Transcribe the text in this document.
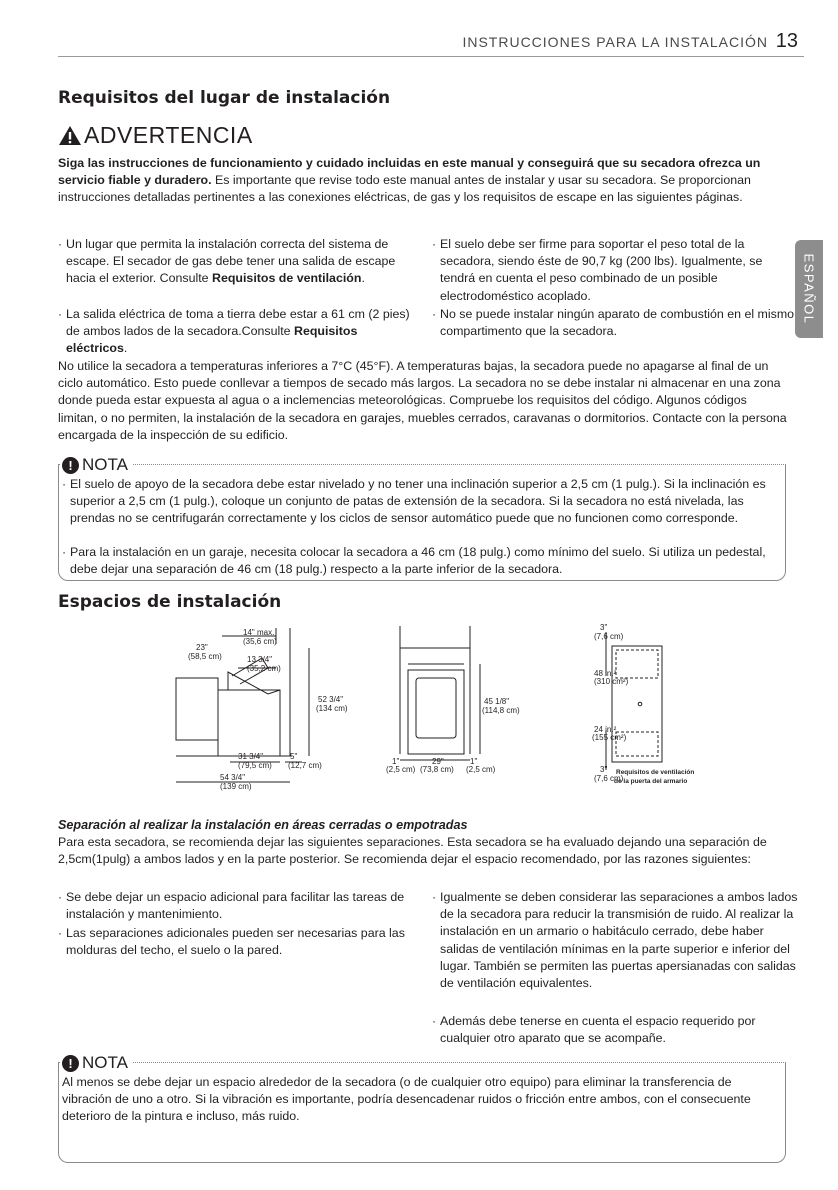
INSTRUCCIONES PARA LA INSTALACIÓN 13
ESPAÑOL
Requisitos del lugar de instalación
ADVERTENCIA
Siga las instrucciones de funcionamiento y cuidado incluidas en este manual y conseguirá que su secadora ofrezca un servicio fiable y duradero. Es importante que revise todo este manual antes de instalar y usar su secadora. Se proporcionan instrucciones detalladas pertinentes a las conexiones eléctricas, de gas y los requisitos de escape en las siguientes páginas.
· Un lugar que permita la instalación correcta del sistema de escape. El secador de gas debe tener una salida de escape hacia el exterior. Consulte Requisitos de ventilación.
· La salida eléctrica de toma a tierra debe estar a 61 cm (2 pies) de ambos lados de la secadora.Consulte Requisitos eléctricos.
· El suelo debe ser firme para soportar el peso total de la secadora, siendo éste de 90,7 kg (200 lbs). Igualmente, se tendrá en cuenta el peso combinado de un posible electrodoméstico acoplado.
· No se puede instalar ningún aparato de combustión en el mismo compartimento que la secadora.
No utilice la secadora a temperaturas inferiores a 7°C (45°F). A temperaturas bajas, la secadora puede no apagarse al final de un ciclo automático. Esto puede conllevar a tiempos de secado más largos. La secadora no se debe instalar ni almacenar en una zona donde pueda estar expuesta al agua o a inclemencias meteorológicas. Compruebe los requisitos del código. Algunos códigos limitan, o no permiten, la instalación de la secadora en garajes, muebles cerrados, caravanas o dormitorios. Contacte con la persona encargada de la inspección de su edificio.
! NOTA
· El suelo de apoyo de la secadora debe estar nivelado y no tener una inclinación superior a 2,5 cm (1 pulg.). Si la inclinación es superior a 2,5 cm (1 pulg.), coloque un conjunto de patas de extensión de la secadora. Si la secadora no está nivelada, las prendas no se centrifugarán correctamente y los ciclos de sensor automático puede que no funcionen como corresponde.
· Para la instalación en un garaje, necesita colocar la secadora a 46 cm (18 pulg.) como mínimo del suelo. Si utiliza un pedestal, debe dejar una separación de 46 cm (18 pulg.) respecto a la parte inferior de la secadora.
Espacios de instalación
14" max.
(35,6 cm)
13 3/4"
(35,2 cm)
23"
(58,5 cm)
52 3/4"
(134 cm)
31 3/4"
(79,5 cm)
5"
(12,7 cm)
54 3/4"
(139 cm)
45 1/8"
(114,8 cm)
1"
(2,5 cm)
29"
(73,8 cm)
1"
(2,5 cm)
3"
(7,6 cm)
48 in.²
(310 cm²)
24 in.²
(155 cm²)
3"
(7,6 cm)
Requisitos de ventilación
de la puerta del armario
Separación al realizar la instalación en áreas cerradas o empotradas
Para esta secadora, se recomienda dejar las siguientes separaciones. Esta secadora se ha evaluado dejando una separación de 2,5cm(1pulg) a ambos lados y en la parte posterior. Se recomienda dejar el espacio recomendado, por las razones siguientes:
· Se debe dejar un espacio adicional para facilitar las tareas de instalación y mantenimiento.
· Las separaciones adicionales pueden ser necesarias para las molduras del techo, el suelo o la pared.
· Igualmente se deben considerar las separaciones a ambos lados de la secadora para reducir la transmisión de ruido. Al realizar la instalación en un armario o habitáculo cerrado, debe haber salidas de ventilación mínimas en la parte superior e inferior del lugar. También se permiten las puertas apersianadas con salidas de ventilación equivalentes.
· Además debe tenerse en cuenta el espacio requerido por cualquier otro aparato que se acompañe.
! NOTA
Al menos se debe dejar un espacio alrededor de la secadora (o de cualquier otro equipo) para eliminar la transferencia de vibración de uno a otro. Si la vibración es importante, podría desencadenar ruidos o fricción entre ambos, con el consecuente deterioro de la pintura e incluso, más ruido.
